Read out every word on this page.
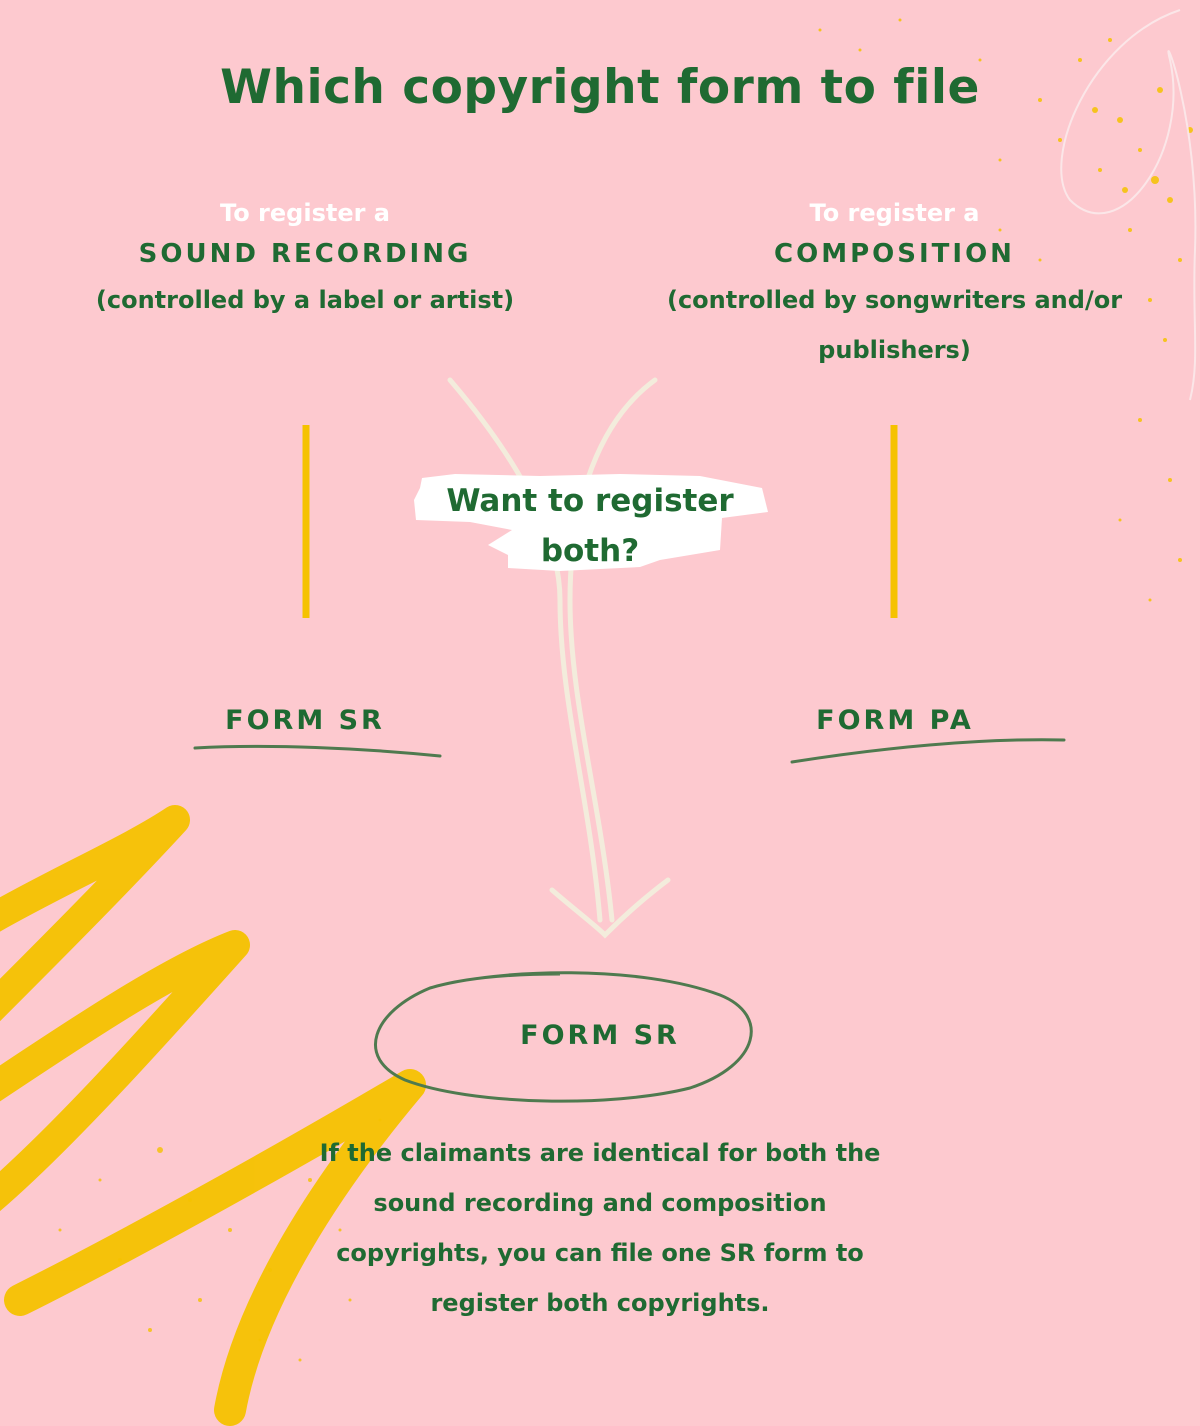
Which copyright form to file
To register a
SOUND RECORDING
(controlled by a label or artist)
To register a
COMPOSITION
(controlled by songwriters and/or publishers)
Want to register both?
FORM SR	FORM PA
FORM SR
If the claimants are identical for both the sound recording and composition copyrights, you can file one SR form to register both copyrights.
